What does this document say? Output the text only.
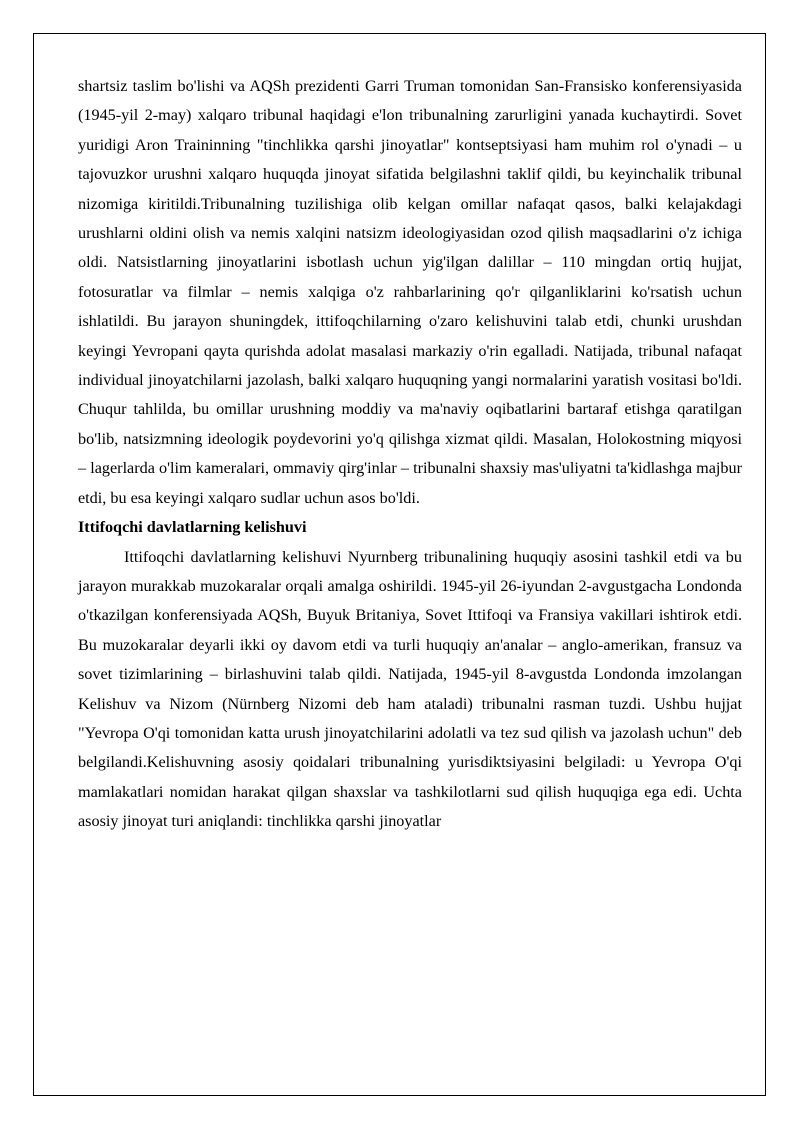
shartsiz taslim bo'lishi va AQSh prezidenti Garri Truman tomonidan San-Fransisko konferensiyasida (1945-yil 2-may) xalqaro tribunal haqidagi e'lon tribunalning zarurligini yanada kuchaytirdi. Sovet yuridigi Aron Traininning "tinchlikka qarshi jinoyatlar" kontseptsiyasi ham muhim rol o'ynadi – u tajovuzkor urushni xalqaro huquqda jinoyat sifatida belgilashni taklif qildi, bu keyinchalik tribunal nizomiga kiritildi.Tribunalning tuzilishiga olib kelgan omillar nafaqat qasos, balki kelajakdagi urushlarni oldini olish va nemis xalqini natsizm ideologiyasidan ozod qilish maqsadlarini o'z ichiga oldi. Natsistlarning jinoyatlarini isbotlash uchun yig'ilgan dalillar – 110 mingdan ortiq hujjat, fotosuratlar va filmlar – nemis xalqiga o'z rahbarlarining qo'r qilganliklarini ko'rsatish uchun ishlatildi. Bu jarayon shuningdek, ittifoqchilarning o'zaro kelishuvini talab etdi, chunki urushdan keyingi Yevropani qayta qurishda adolat masalasi markaziy o'rin egalladi. Natijada, tribunal nafaqat individual jinoyatchilarni jazolash, balki xalqaro huquqning yangi normalarini yaratish vositasi bo'ldi. Chuqur tahlilda, bu omillar urushning moddiy va ma'naviy oqibatlarini bartaraf etishga qaratilgan bo'lib, natsizmning ideologik poydevorini yo'q qilishga xizmat qildi. Masalan, Holokostning miqyosi – lagerlarda o'lim kameralari, ommaviy qirg'inlar – tribunalni shaxsiy mas'uliyatni ta'kidlashga majbur etdi, bu esa keyingi xalqaro sudlar uchun asos bo'ldi.

Ittifoqchi davlatlarning kelishuvi

Ittifoqchi davlatlarning kelishuvi Nyurnberg tribunalining huquqiy asosini tashkil etdi va bu jarayon murakkab muzokaralar orqali amalga oshirildi. 1945-yil 26-iyundan 2-avgustgacha Londonda o'tkazilgan konferensiyada AQSh, Buyuk Britaniya, Sovet Ittifoqi va Fransiya vakillari ishtirok etdi. Bu muzokaralar deyarli ikki oy davom etdi va turli huquqiy an'analar – anglo-amerikan, fransuz va sovet tizimlarining – birlashuvini talab qildi. Natijada, 1945-yil 8-avgustda Londonda imzolangan Kelishuv va Nizom (Nürnberg Nizomi deb ham ataladi) tribunalni rasman tuzdi. Ushbu hujjat "Yevropa O'qi tomonidan katta urush jinoyatchilarini adolatli va tez sud qilish va jazolash uchun" deb belgilandi.Kelishuvning asosiy qoidalari tribunalning yurisdiktsiyasini belgiladi: u Yevropa O'qi mamlakatlari nomidan harakat qilgan shaxslar va tashkilotlarni sud qilish huquqiga ega edi. Uchta asosiy jinoyat turi aniqlandi: tinchlikka qarshi jinoyatlar
